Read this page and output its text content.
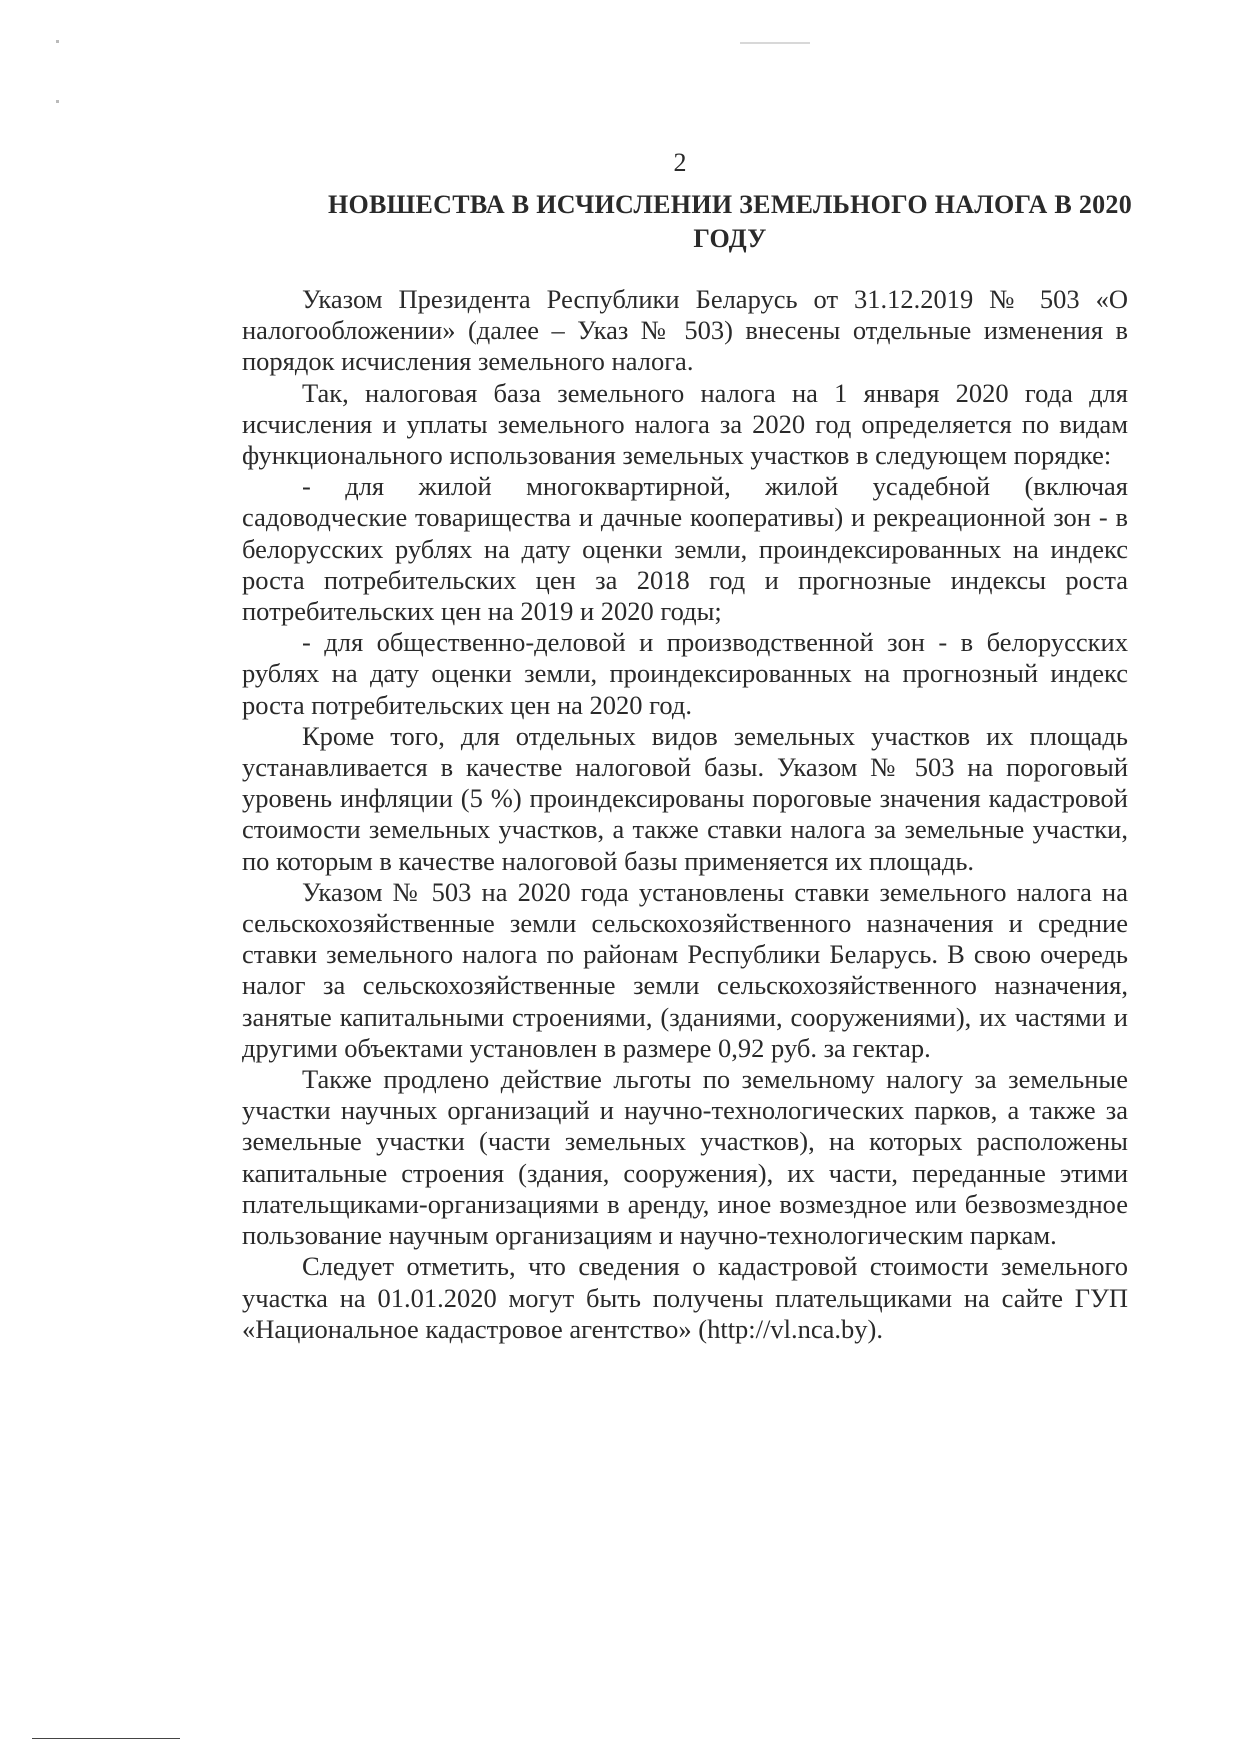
2
НОВШЕСТВА В ИСЧИСЛЕНИИ ЗЕМЕЛЬНОГО НАЛОГА В 2020 ГОДУ

Указом Президента Республики Беларусь от 31.12.2019 № 503 «О налогообложении» (далее – Указ № 503) внесены отдельные изменения в порядок исчисления земельного налога.

Так, налоговая база земельного налога на 1 января 2020 года для исчисления и уплаты земельного налога за 2020 год определяется по видам функционального использования земельных участков в следующем порядке:

- для жилой многоквартирной, жилой усадебной (включая садоводческие товарищества и дачные кооперативы) и рекреационной зон - в белорусских рублях на дату оценки земли, проиндексированных на индекс роста потребительских цен за 2018 год и прогнозные индексы роста потребительских цен на 2019 и 2020 годы;

- для общественно-деловой и производственной зон - в белорусских рублях на дату оценки земли, проиндексированных на прогнозный индекс роста потребительских цен на 2020 год.

Кроме того, для отдельных видов земельных участков их площадь устанавливается в качестве налоговой базы. Указом № 503 на пороговый уровень инфляции (5 %) проиндексированы пороговые значения кадастровой стоимости земельных участков, а также ставки налога за земельные участки, по которым в качестве налоговой базы применяется их площадь.

Указом № 503 на 2020 года установлены ставки земельного налога на сельскохозяйственные земли сельскохозяйственного назначения и средние ставки земельного налога по районам Республики Беларусь. В свою очередь налог за сельскохозяйственные земли сельскохозяйственного назначения, занятые капитальными строениями, (зданиями, сооружениями), их частями и другими объектами установлен в размере 0,92 руб. за гектар.

Также продлено действие льготы по земельному налогу за земельные участки научных организаций и научно-технологических парков, а также за земельные участки (части земельных участков), на которых расположены капитальные строения (здания, сооружения), их части, переданные этими плательщиками-организациями в аренду, иное возмездное или безвозмездное пользование научным организациям и научно-технологическим паркам.

Следует отметить, что сведения о кадастровой стоимости земельного участка на 01.01.2020 могут быть получены плательщиками на сайте ГУП «Национальное кадастровое агентство» (http://vl.nca.by).
